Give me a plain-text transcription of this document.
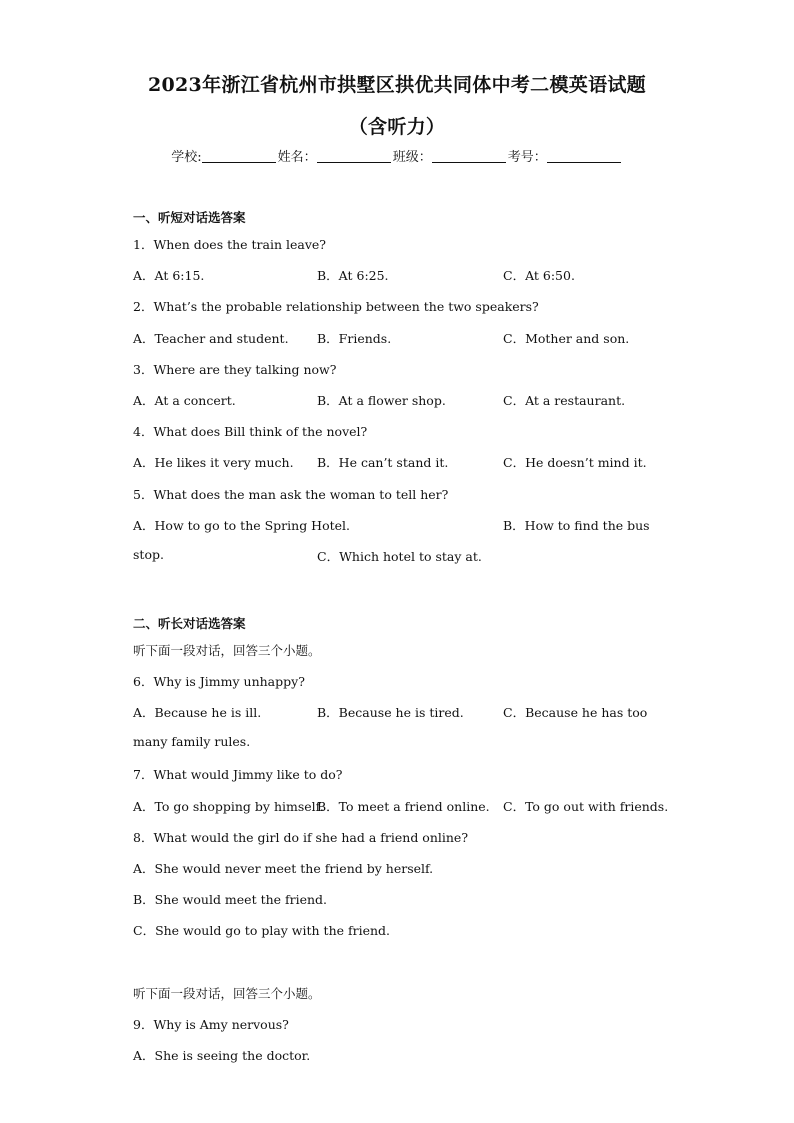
2023年浙江省杭州市拱墅区拱优共同体中考二模英语试题
（含听力）
学校:	姓名：	班级：	考号：
一、听短对话选答案
1．When does the train leave?
A．At 6:15.	B．At 6:25.	C．At 6:50.
2．What’s the probable relationship between the two speakers?
A．Teacher and student. B．Friends.	C．Mother and son.
3．Where are they talking now?
A．At a concert.	B．At a flower shop.	C．At a restaurant.
4．What does Bill think of the novel?
A．He likes it very much. B．He can’t stand it.	C．He doesn’t mind it.
5．What does the man ask the woman to tell her?
A．How to go to the Spring Hotel.	B．How to find the bus
stop.	C．Which hotel to stay at.
二、听长对话选答案
听下面一段对话，回答三个小题。
6．Why is Jimmy unhappy?
A．Because he is ill.	B．Because he is tired.	C．Because he has too
many family rules.
7．What would Jimmy like to do?
A．To go shopping by himself.
B．To meet a friend online. C．To go out with friends.
8．What would the girl do if she had a friend online?
A．She would never meet the friend by herself.
B．She would meet the friend.
C．She would go to play with the friend.
听下面一段对话，回答三个小题。
9．Why is Amy nervous?
A．She is seeing the doctor.
